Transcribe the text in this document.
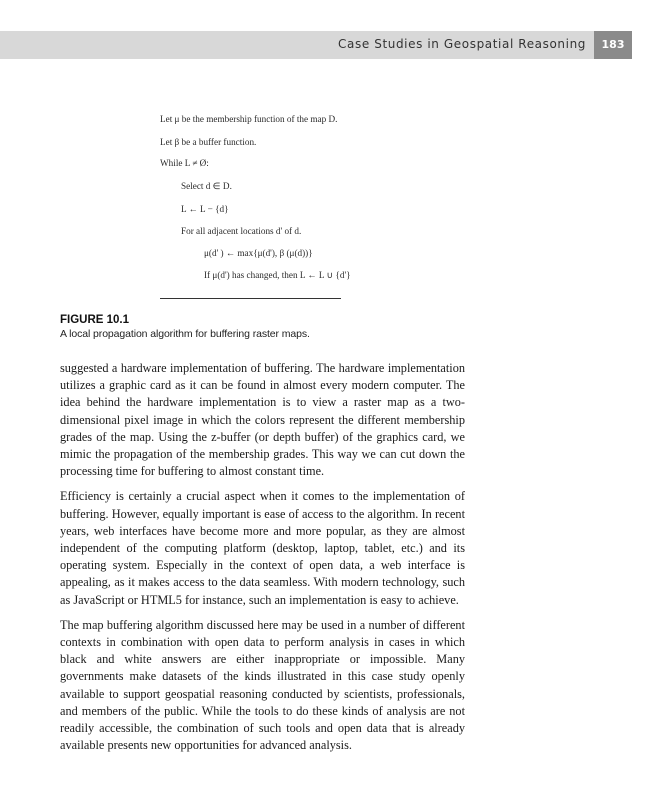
Case Studies in Geospatial Reasoning	183
Let μ be the membership function of the map D.
Let β be a buffer function.
While L ≠ Ø:
Select d ∈ D.
L ← L − {d}
For all adjacent locations d' of d.
μ(d' ) ← max{μ(d'), β (μ(d))}
If μ(d') has changed, then L ← L ∪ {d'}
FIGURE 10.1
A local propagation algorithm for buffering raster maps.

suggested a hardware implementation of buffering. The hardware implementation utilizes a graphic card as it can be found in almost every modern computer. The idea behind the hardware implementation is to view a raster map as a two-dimensional pixel image in which the colors represent the different membership grades of the map. Using the z-buffer (or depth buffer) of the graphics card, we mimic the propagation of the membership grades. This way we can cut down the processing time for buffering to almost constant time.

Efficiency is certainly a crucial aspect when it comes to the implementation of buffering. However, equally important is ease of access to the algorithm. In recent years, web interfaces have become more and more popular, as they are almost independent of the computing platform (desktop, laptop, tablet, etc.) and its operating system. Especially in the context of open data, a web interface is appealing, as it makes access to the data seamless. With modern technology, such as JavaScript or HTML5 for instance, such an implementation is easy to achieve.

The map buffering algorithm discussed here may be used in a number of different contexts in combination with open data to perform analysis in cases in which black and white answers are either inappropriate or impossible. Many governments make datasets of the kinds illustrated in this case study openly available to support geospatial reasoning conducted by scientists, professionals, and members of the public. While the tools to do these kinds of analysis are not readily accessible, the combination of such tools and open data that is already available presents new opportunities for advanced analysis.
